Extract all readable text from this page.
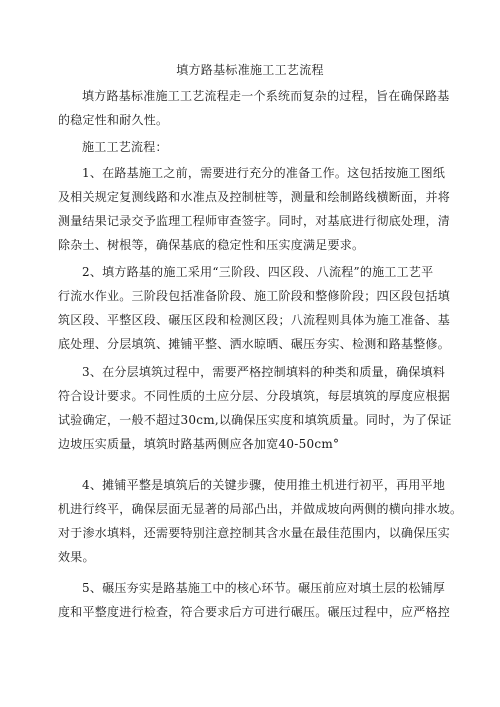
填方路基标准施工工艺流程
填方路基标准施工工艺流程走一个系统而复杂的过程，旨在确保路基
的稳定性和耐久性。
施工工艺流程：
1、在路基施工之前，需要进行充分的准备工作。这包括按施工图纸
及相关规定复测线路和水准点及控制桩等，测量和绘制路线横断面，并将
测量结果记录交予监理工程师审查签字。同时，对基底进行彻底处理，清
除杂土、树根等，确保基底的稳定性和压实度满足要求。
2、填方路基的施工采用“三阶段、四区段、八流程”的施工工艺平
行流水作业。三阶段包括准备阶段、施工阶段和整修阶段；四区段包括填
筑区段、平整区段、碾压区段和检测区段；八流程则具体为施工准备、基
底处理、分层填筑、摊铺平整、洒水晾晒、碾压夯实、检测和路基整修。
3、在分层填筑过程中，需要严格控制填料的种类和质量，确保填料
符合设计要求。不同性质的土应分层、分段填筑，每层填筑的厚度应根据
试验确定，一般不超过30cm,以确保压实度和填筑质量。同时，为了保证
边坡压实质量，填筑时路基两侧应各加宽40-50cm°
4、摊铺平整是填筑后的关键步骤，使用推土机进行初平，再用平地
机进行终平，确保层面无显著的局部凸出，并做成坡向两侧的横向排水坡。
对于渗水填料，还需要特别注意控制其含水量在最佳范围内，以确保压实
效果。
5、碾压夯实是路基施工中的核心环节。碾压前应对填土层的松铺厚
度和平整度进行检查，符合要求后方可进行碾压。碾压过程中，应严格控
